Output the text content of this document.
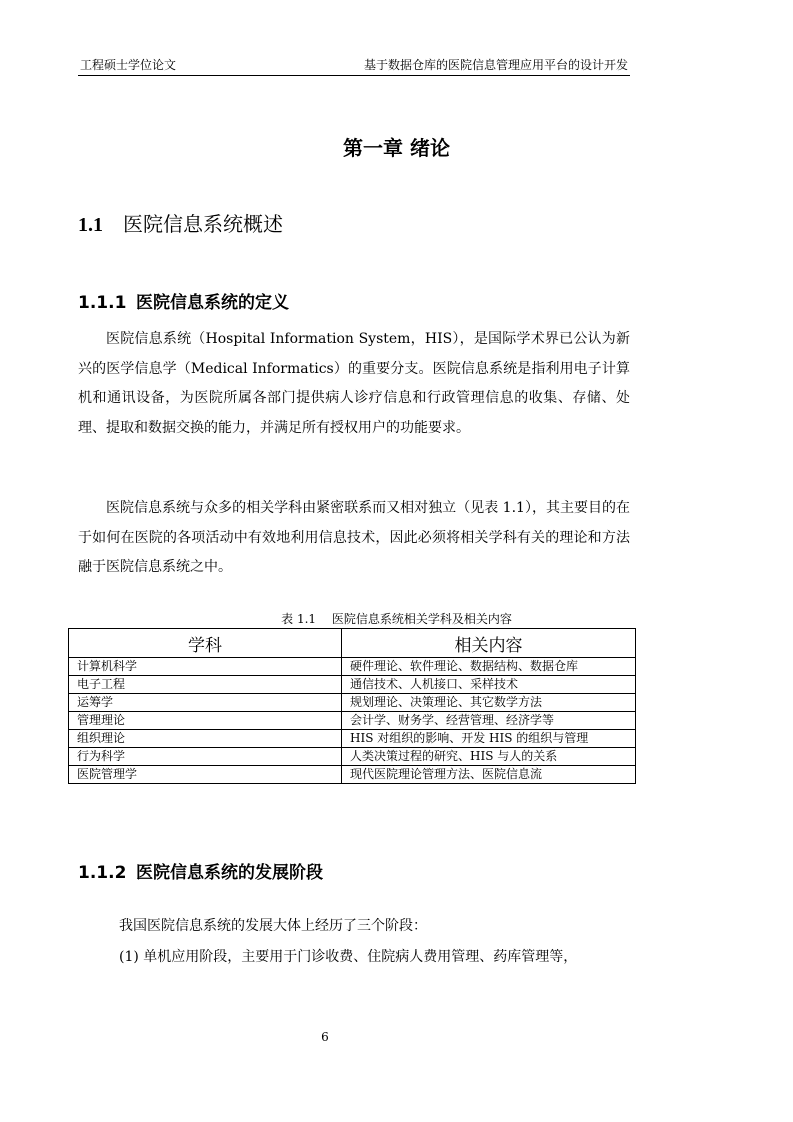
工程硕士学位论文	基于数据仓库的医院信息管理应用平台的设计开发
第一章 绪论
1.1 医院信息系统概述
1.1.1 医院信息系统的定义

医院信息系统（Hospital Information System，HIS），是国际学术界已公认为新兴的医学信息学（Medical Informatics）的重要分支。医院信息系统是指利用电子计算机和通讯设备，为医院所属各部门提供病人诊疗信息和行政管理信息的收集、存储、处理、提取和数据交换的能力，并满足所有授权用户的功能要求。

医院信息系统与众多的相关学科由紧密联系而又相对独立（见表 1.1），其主要目的在于如何在医院的各项活动中有效地利用信息技术，因此必须将相关学科有关的理论和方法融于医院信息系统之中。

表 1.1　 医院信息系统相关学科及相关内容
学科	相关内容
计算机科学	硬件理论、软件理论、数据结构、数据仓库
电子工程	通信技术、人机接口、采样技术
运筹学	规划理论、决策理论、其它数学方法
管理理论	会计学、财务学、经营管理、经济学等
组织理论	HIS 对组织的影响、开发 HIS 的组织与管理
行为科学	人类决策过程的研究、HIS 与人的关系
医院管理学	现代医院理论管理方法、医院信息流
1.1.2 医院信息系统的发展阶段
我国医院信息系统的发展大体上经历了三个阶段：
(1) 单机应用阶段，主要用于门诊收费、住院病人费用管理、药库管理等，
6
